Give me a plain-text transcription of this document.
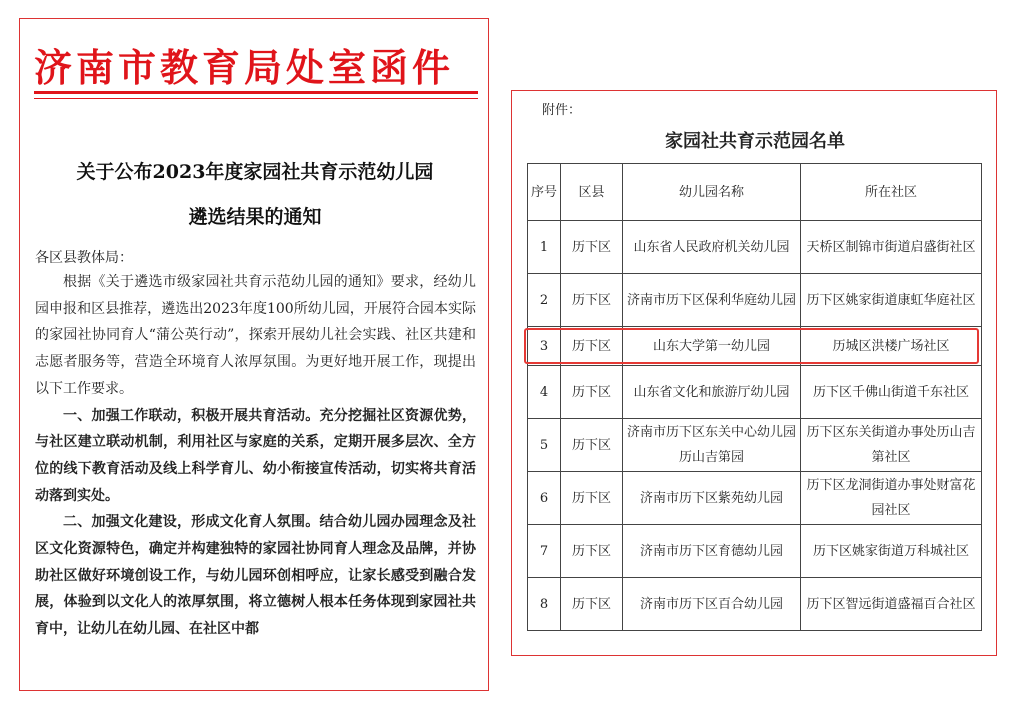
济南市教育局处室函件
关于公布2023年度家园社共育示范幼儿园
遴选结果的通知
各区县教体局：

根据《关于遴选市级家园社共育示范幼儿园的通知》要求，经幼儿园申报和区县推荐，遴选出2023年度100所幼儿园，开展符合园本实际的家园社协同育人“蒲公英行动”，探索开展幼儿社会实践、社区共建和志愿者服务等，营造全环境育人浓厚氛围。为更好地开展工作，现提出以下工作要求。

一、加强工作联动，积极开展共育活动。充分挖掘社区资源优势，与社区建立联动机制，利用社区与家庭的关系，定期开展多层次、全方位的线下教育活动及线上科学育儿、幼小衔接宣传活动，切实将共育活动落到实处。

二、加强文化建设，形成文化育人氛围。结合幼儿园办园理念及社区文化资源特色，确定并构建独特的家园社协同育人理念及品牌，并协助社区做好环境创设工作，与幼儿园环创相呼应，让家长感受到融合发展，体验到以文化人的浓厚氛围，将立德树人根本任务体现到家园社共育中，让幼儿在幼儿园、在社区中都

附件：
家园社共育示范园名单
序号	区县	幼儿园名称	所在社区
1	历下区	山东省人民政府机关幼儿园	天桥区制锦市街道启盛街社区
2	历下区	济南市历下区保利华庭幼儿园	历下区姚家街道康虹华庭社区
3	历下区	山东大学第一幼儿园	历城区洪楼广场社区
4	历下区	山东省文化和旅游厅幼儿园	历下区千佛山街道千东社区
5	历下区	济南市历下区东关中心幼儿园历山吉第园	历下区东关街道办事处历山吉第社区
6	历下区	济南市历下区紫苑幼儿园	历下区龙洞街道办事处财富花园社区
7	历下区	济南市历下区育德幼儿园	历下区姚家街道万科城社区
8	历下区	济南市历下区百合幼儿园	历下区智远街道盛福百合社区
